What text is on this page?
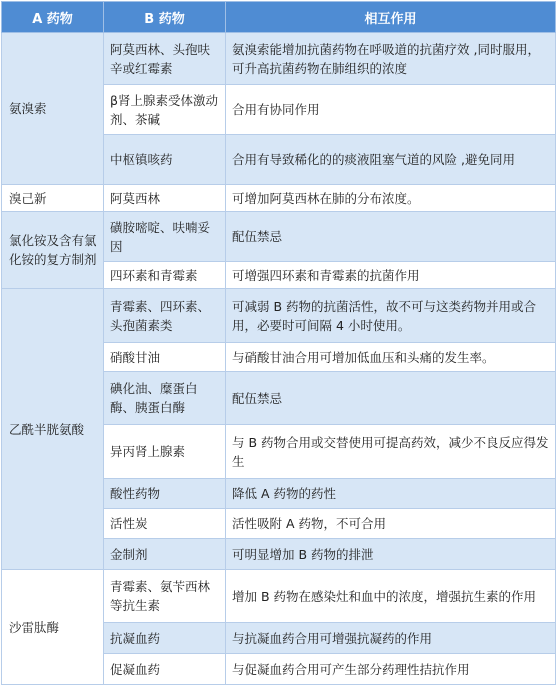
A 药物	B 药物	相互作用
氨溴索	阿莫西林、头孢呋辛或红霉素	氨溴索能增加抗菌药物在呼吸道的抗菌疗效 ,同时服用，可升高抗菌药物在肺组织的浓度
	β肾上腺素受体激动剂、茶碱	合用有协同作用
	中枢镇咳药	合用有导致稀化的的痰液阻塞气道的风险 ,避免同用
溴己新	阿莫西林	可增加阿莫西林在肺的分布浓度。
氯化铵及含有氯化铵的复方制剂	磺胺嘧啶、呋喃妥因	配伍禁忌
	四环素和青霉素	可增强四环素和青霉素的抗菌作用
乙酰半胱氨酸	青霉素、四环素、头孢菌素类	可减弱 B 药物的抗菌活性，故不可与这类药物并用或合用，必要时可间隔 4 小时使用。
	硝酸甘油	与硝酸甘油合用可增加低血压和头痛的发生率。
	碘化油、糜蛋白酶、胰蛋白酶	配伍禁忌
	异丙肾上腺素	与 B 药物合用或交替使用可提高药效，减少不良反应得发生
	酸性药物	降低 A 药物的药性
	活性炭	活性吸附 A 药物，不可合用
	金制剂	可明显增加 B 药物的排泄
沙雷肽酶	青霉素、氨苄西林等抗生素	增加 B 药物在感染灶和血中的浓度，增强抗生素的作用
	抗凝血药	与抗凝血药合用可增强抗凝药的作用
	促凝血药	与促凝血药合用可产生部分药理性拮抗作用
